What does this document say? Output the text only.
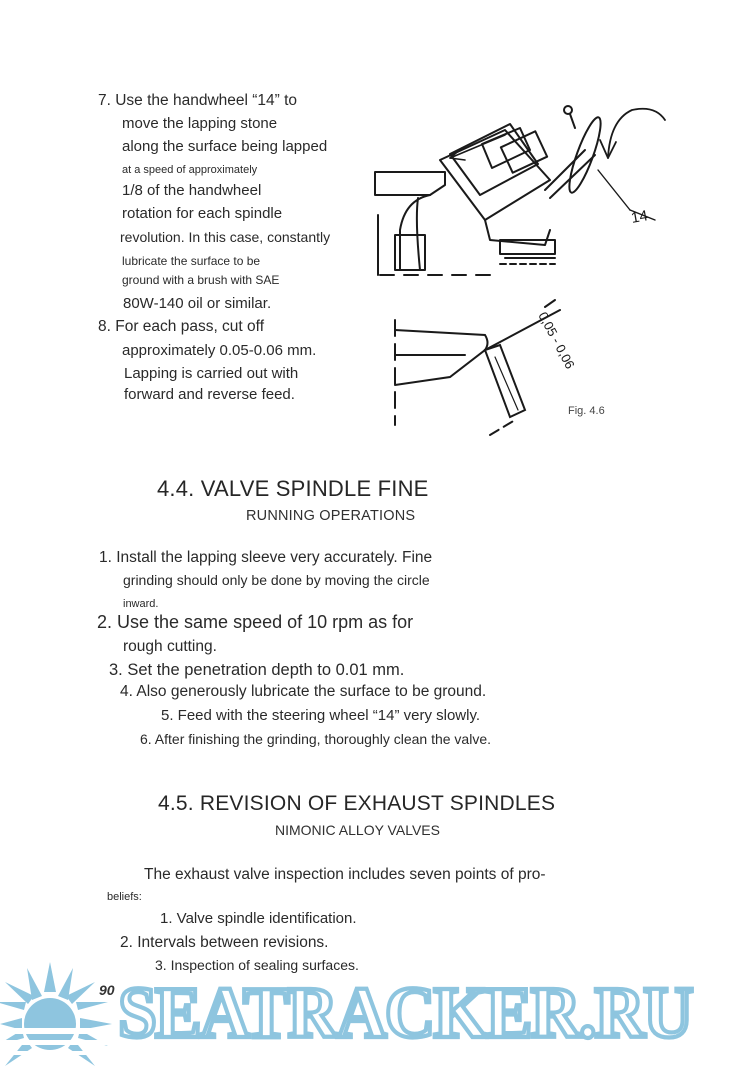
7. Use the handwheel “14” to
move the lapping stone
along the surface being lapped
at a speed of approximately
1/8 of the handwheel
rotation for each spindle
revolution. In this case, constantly
lubricate the surface to be
ground with a brush with SAE
80W-140 oil or similar.
8. For each pass, cut off
approximately 0.05-0.06 mm.
Lapping is carried out with
forward and reverse feed.
14
0,05 - 0,06
Fig. 4.6
4.4. VALVE SPINDLE FINE
RUNNING OPERATIONS
1. Install the lapping sleeve very accurately. Fine
grinding should only be done by moving the circle
inward.
2. Use the same speed of 10 rpm as for
rough cutting.
3. Set the penetration depth to 0.01 mm.
4. Also generously lubricate the surface to be ground.
5. Feed with the steering wheel “14” very slowly.
6. After finishing the grinding, thoroughly clean the valve.
4.5. REVISION OF EXHAUST SPINDLES
NIMONIC ALLOY VALVES
The exhaust valve inspection includes seven points of pro-
beliefs:
1. Valve spindle identification.
2. Intervals between revisions.
3. Inspection of sealing surfaces.
90 SEATRACKER.RU
